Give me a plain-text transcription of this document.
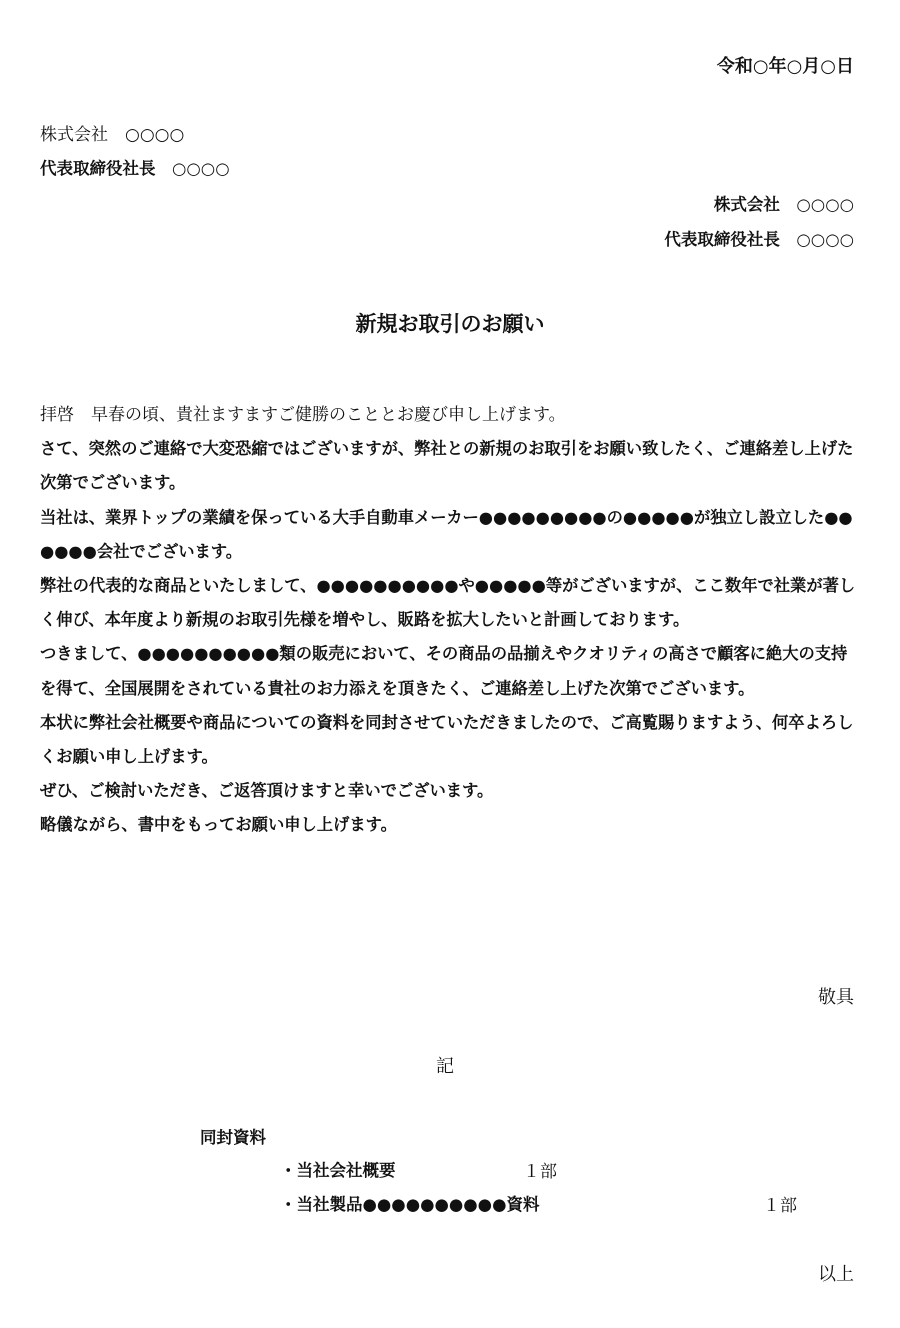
令和○年○月○日
株式会社　○○○○
代表取締役社長　○○○○
株式会社　○○○○
代表取締役社長　○○○○
新規お取引のお願い

拝啓　早春の頃、貴社ますますご健勝のこととお慶び申し上げます。

さて、突然のご連絡で大変恐縮ではございますが、弊社との新規のお取引をお願い致したく、ご連絡差し上げた次第でございます。

当社は、業界トップの業績を保っている大手自動車メーカー●●●●●●●●●の●●●●●が独立し設立した●●●●●●会社でございます。

弊社の代表的な商品といたしまして、●●●●●●●●●●や●●●●●等がございますが、ここ数年で社業が著しく伸び、本年度より新規のお取引先様を増やし、販路を拡大したいと計画しております。

つきまして、●●●●●●●●●●類の販売において、その商品の品揃えやクオリティの高さで顧客に絶大の支持を得て、全国展開をされている貴社のお力添えを頂きたく、ご連絡差し上げた次第でございます。

本状に弊社会社概要や商品についての資料を同封させていただきましたので、ご高覧賜りますよう、何卒よろしくお願い申し上げます。

ぜひ、ご検討いただき、ご返答頂けますと幸いでございます。

略儀ながら、書中をもってお願い申し上げます。

敬具
記
同封資料
・当社会社概要	１部
・当社製品●●●●●●●●●●資料	１部
以上
